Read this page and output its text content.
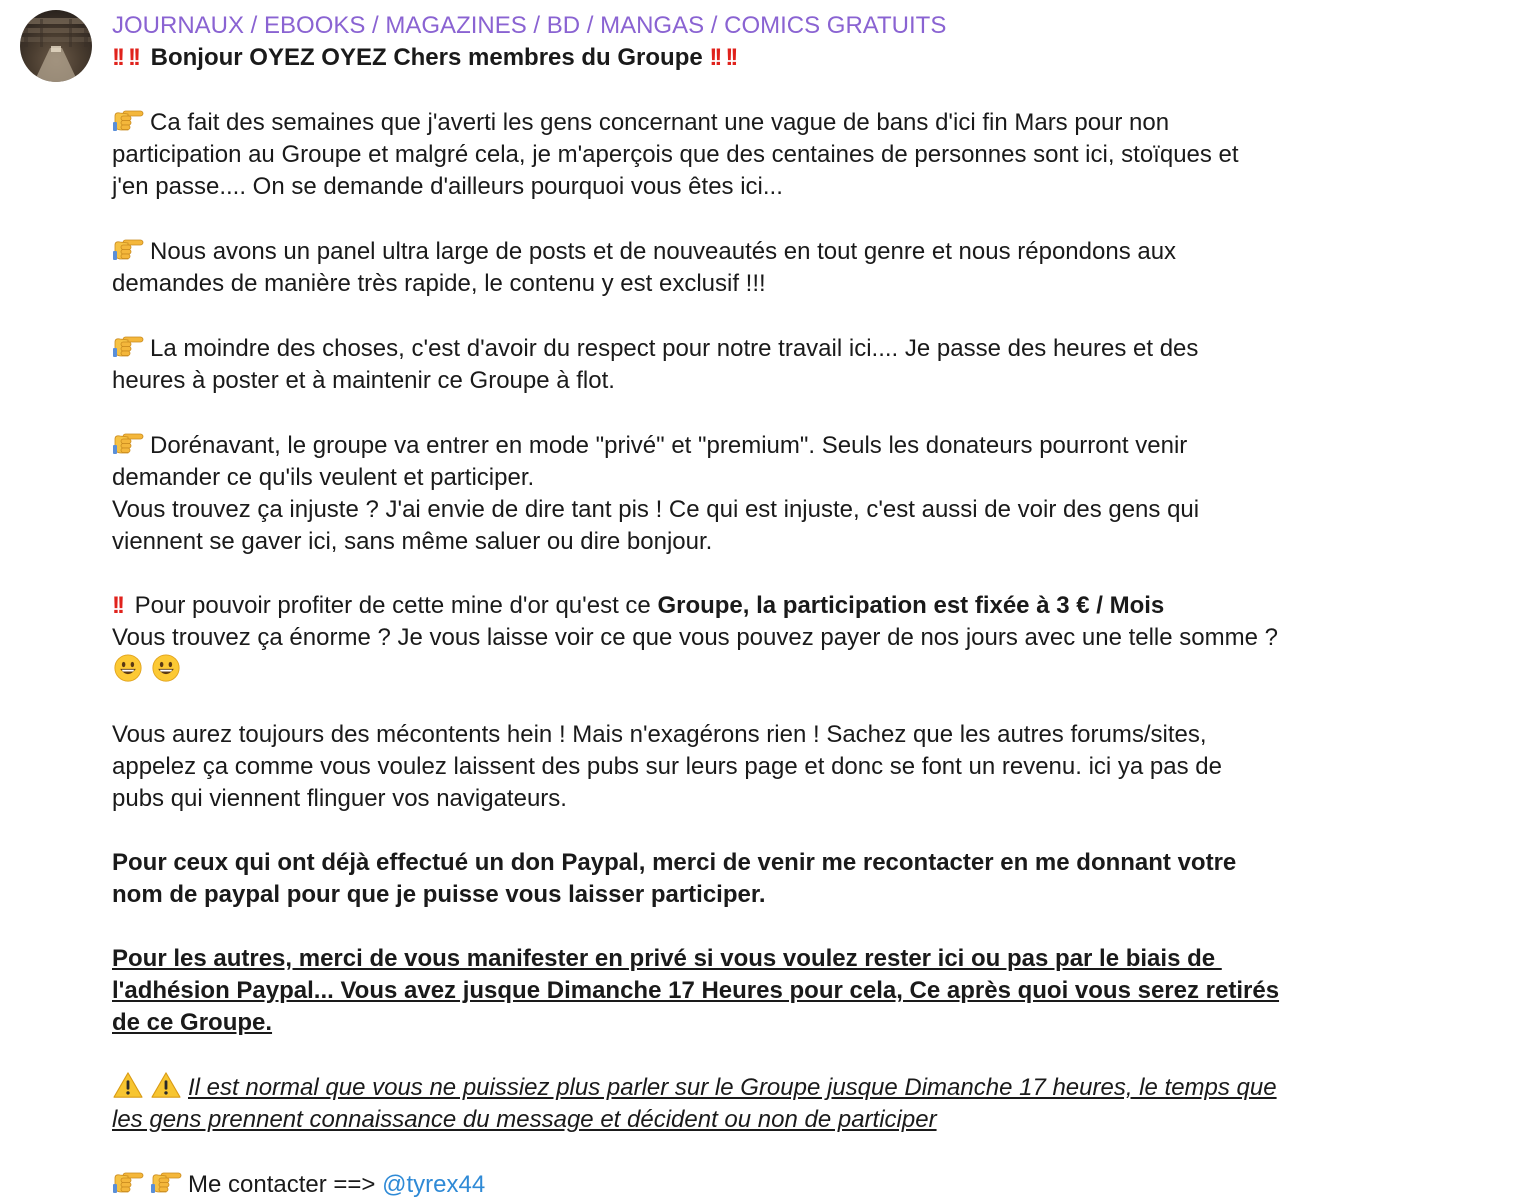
JOURNAUX / EBOOKS / MAGAZINES / BD / MANGAS / COMICS GRATUITS
!! !! Bonjour OYEZ OYEZ Chers membres du Groupe !! !!
Ca fait des semaines que j'averti les gens concernant une vague de bans d'ici fin Mars pour non
participation au Groupe et malgré cela, je m'aperçois que des centaines de personnes sont ici, stoïques et
j'en passe.... On se demande d'ailleurs pourquoi vous êtes ici...
Nous avons un panel ultra large de posts et de nouveautés en tout genre et nous répondons aux
demandes de manière très rapide, le contenu y est exclusif !!!
La moindre des choses, c'est d'avoir du respect pour notre travail ici.... Je passe des heures et des
heures à poster et à maintenir ce Groupe à flot.
Dorénavant, le groupe va entrer en mode "privé" et "premium". Seuls les donateurs pourront venir
demander ce qu'ils veulent et participer.
Vous trouvez ça injuste ? J'ai envie de dire tant pis ! Ce qui est injuste, c'est aussi de voir des gens qui
viennent se gaver ici, sans même saluer ou dire bonjour.
!! Pour pouvoir profiter de cette mine d'or qu'est ce Groupe, la participation est fixée à 3 € / Mois
Vous trouvez ça énorme ? Je vous laisse voir ce que vous pouvez payer de nos jours avec une telle somme ?
Vous aurez toujours des mécontents hein ! Mais n'exagérons rien ! Sachez que les autres forums/sites,
appelez ça comme vous voulez laissent des pubs sur leurs page et donc se font un revenu. ici ya pas de
pubs qui viennent flinguer vos navigateurs.
Pour ceux qui ont déjà effectué un don Paypal, merci de venir me recontacter en me donnant votre
nom de paypal pour que je puisse vous laisser participer.
Pour les autres, merci de vous manifester en privé si vous voulez rester ici ou pas par le biais de
l'adhésion Paypal... Vous avez jusque Dimanche 17 Heures pour cela, Ce après quoi vous serez retirés
de ce Groupe.
Il est normal que vous ne puissiez plus parler sur le Groupe jusque Dimanche 17 heures, le temps que
les gens prennent connaissance du message et décident ou non de participer
Me contacter ==> @tyrex44
